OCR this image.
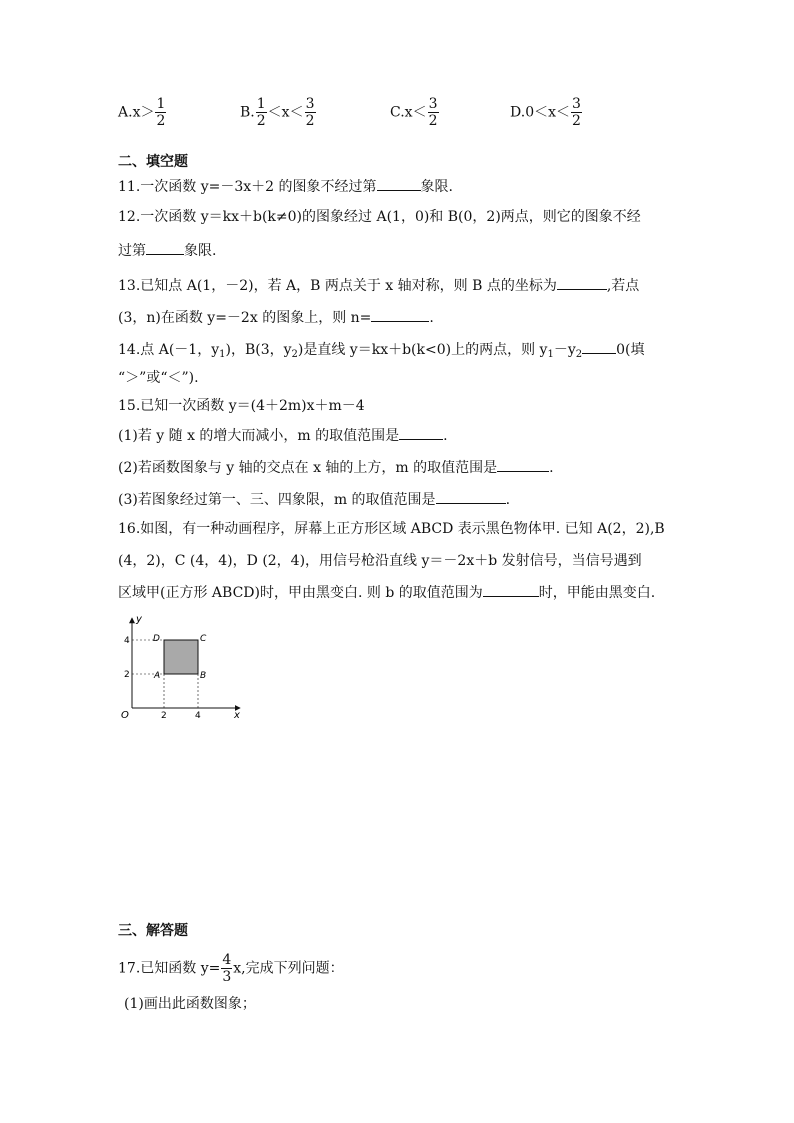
$A.x> \frac{1}{2}$	B. $\frac{1}{2} <x< \frac{3}{2}$	$C.x< \frac{3}{2}$	$D.0<x< \frac{3}{2}$
二、填空题
11.一次函数 y=－3x＋2 的图象不经过第	象限.
12.一次函数 y＝kx＋b(k≠0)的图象经过 A(1，0)和 B(0，2)两点，则它的图象不经
过第	象限.
13.已知点 A(1，－2)，若 A，B 两点关于 x 轴对称，则 B 点的坐标为	,若点
(3，n)在函数 y=－2x 的图象上，则 n=	.
14.点 A(－1，$y_1$)，B(3，$y_2$)是直线 y＝kx＋b(k<0)上的两点，则 $y_1-y_2$ 0(填
“＞”或“＜”).
15.已知一次函数 y＝(4＋2m)x＋m－4
(1)若 y 随 x 的增大而减小，m 的取值范围是	.
(2)若函数图象与 y 轴的交点在 x 轴的上方，m 的取值范围是	.
(3)若图象经过第一、三、四象限，m 的取值范围是	.
16.如图，有一种动画程序，屏幕上正方形区域 ABCD 表示黑色物体甲. 已知 A(2，2),B
(4，2)，C (4，4)，D (2，4)，用信号枪沿直线 y＝－2x＋b 发射信号，当信号遇到
区域甲(正方形 ABCD)时，甲由黑变白. 则 b 的取值范围为	时，甲能由黑变白.
y
x
O	2	4
2
4
A	B
C
D
三、解答题
17.已知函数 $y= \frac{4}{3} x$,完成下列问题：
(1)画出此函数图象；
